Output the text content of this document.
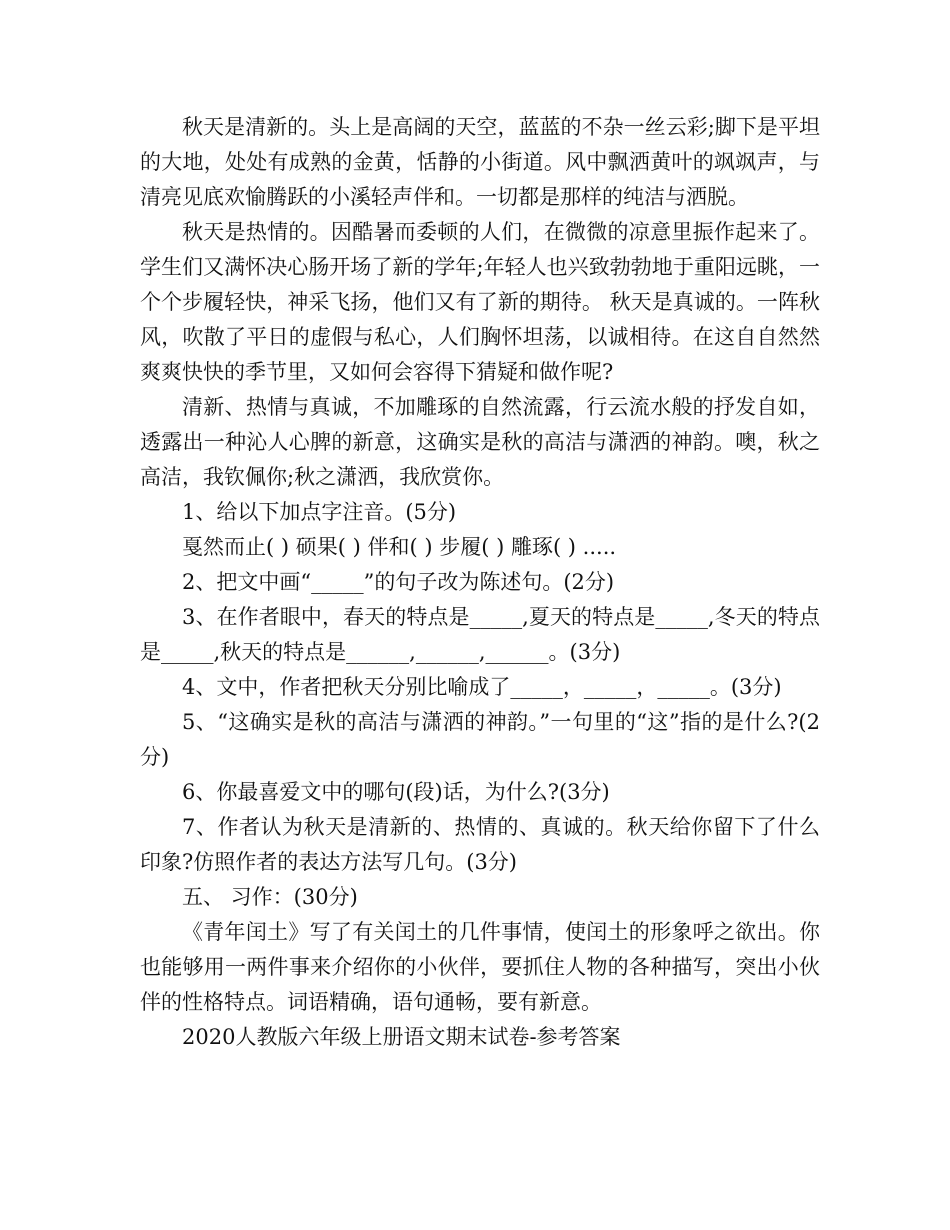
秋天是清新的。头上是高阔的天空，蓝蓝的不杂一丝云彩;脚下是平坦的大地，处处有成熟的金黄，恬静的小街道。风中飘洒黄叶的飒飒声，与清亮见底欢愉腾跃的小溪轻声伴和。一切都是那样的纯洁与洒脱。

秋天是热情的。因酷暑而委顿的人们，在微微的凉意里振作起来了。学生们又满怀决心肠开场了新的学年;年轻人也兴致勃勃地于重阳远眺，一个个步履轻快，神采飞扬，他们又有了新的期待。 秋天是真诚的。一阵秋风，吹散了平日的虚假与私心，人们胸怀坦荡，以诚相待。在这自自然然爽爽快快的季节里，又如何会容得下猜疑和做作呢?

清新、热情与真诚，不加雕琢的自然流露，行云流水般的抒发自如，透露出一种沁人心脾的新意，这确实是秋的高洁与潇洒的神韵。噢，秋之高洁，我钦佩你;秋之潇洒，我欣赏你。

1、给以下加点字注音。(5分)

戛然而止( ) 硕果( ) 伴和( ) 步履( ) 雕琢( ) .....

2、把文中画“_____”的句子改为陈述句。(2分)

3、在作者眼中，春天的特点是_____,夏天的特点是_____,冬天的特点是_____,秋天的特点是______,______,______。(3分)

4、文中，作者把秋天分别比喻成了_____，_____，_____。(3分)

5、“这确实是秋的高洁与潇洒的神韵。”一句里的“这”指的是什么?(2分)

6、你最喜爱文中的哪句(段)话，为什么?(3分)

7、作者认为秋天是清新的、热情的、真诚的。秋天给你留下了什么印象?仿照作者的表达方法写几句。(3分)

五、 习作：(30分)

《青年闰土》写了有关闰土的几件事情，使闰土的形象呼之欲出。你也能够用一两件事来介绍你的小伙伴，要抓住人物的各种描写，突出小伙伴的性格特点。词语精确，语句通畅，要有新意。

2020人教版六年级上册语文期末试卷-参考答案
